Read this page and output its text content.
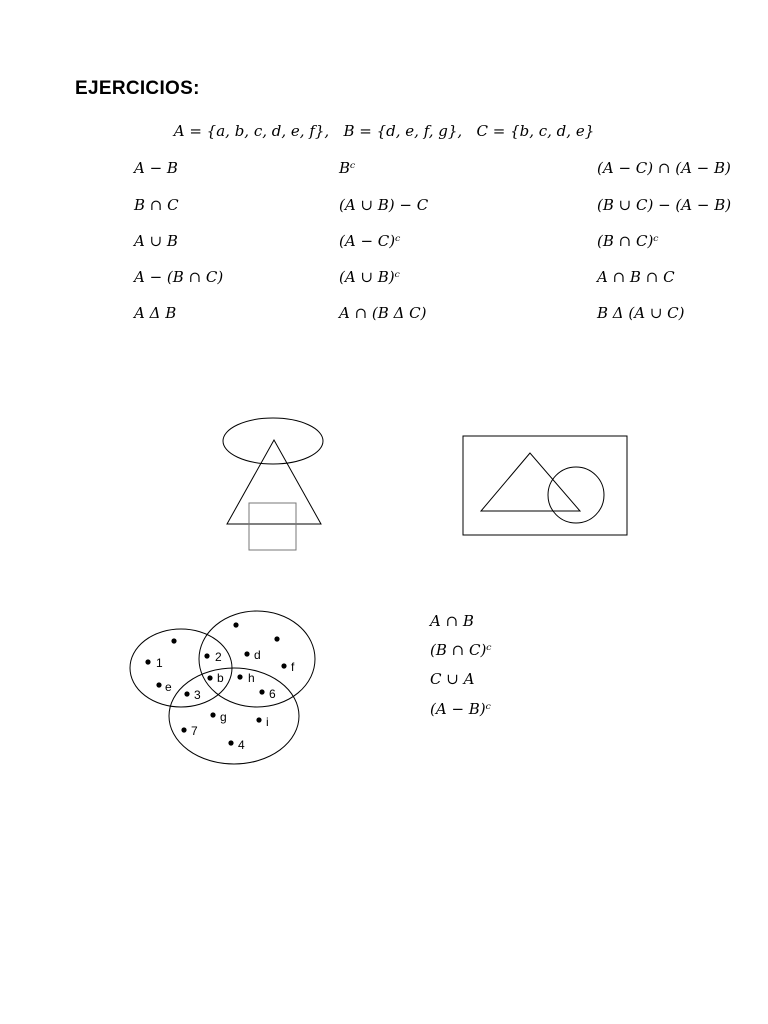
EJERCICIOS:
A = {a, b, c, d, e, f},   B = {d, e, f, g},   C = {b, c, d, e}
A − B	Bᶜ	(A − C) ∩ (A − B)
B ∩ C	(A ∪ B) − C	(B ∪ C) − (A − B)
A ∪ B	(A − C)ᶜ	(B ∩ C)ᶜ
A − (B ∩ C)	(A ∪ B)ᶜ	A ∩ B ∩ C
A Δ B	A ∩ (B Δ C)	B Δ (A ∪ C)
1
e
3
2
b
d
h
f
6
g	i
7
4
A ∩ B
(B ∩ C)ᶜ
C ∪ A
(A − B)ᶜ
